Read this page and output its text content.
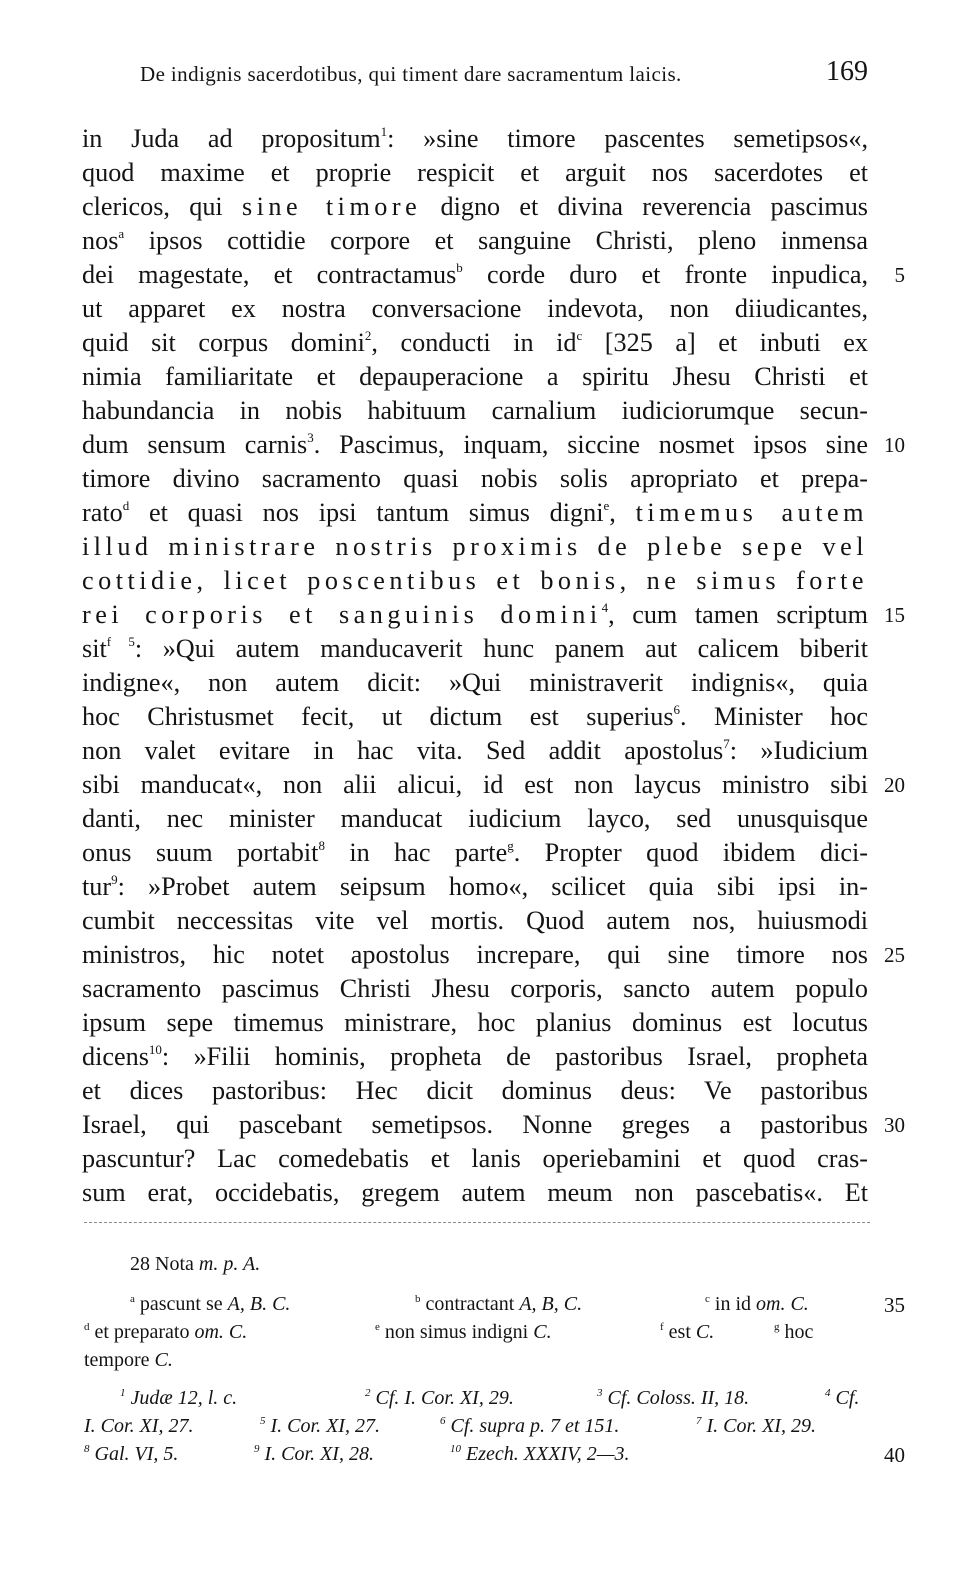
De indignis sacerdotibus, qui timent dare sacramentum laicis.	169
in Juda ad propositum$^1$: »sine timore pascentes semetipsos«,
quod maxime et proprie respicit et arguit nos sacerdotes et
clericos, qui sine timore digno et divina reverencia pascimus
nos$^a$ ipsos cottidie corpore et sanguine Christi, pleno inmensa
dei magestate, et contractamus$^b$ corde duro et fronte inpudica,
ut apparet ex nostra conversacione indevota, non diiudicantes,
quid sit corpus domini$^2$, conducti in $id^c$ [325 a] et inbuti ex
nimia familiaritate et depauperacione a spiritu Jhesu Christi et
habundancia in nobis habituum carnalium iudiciorumque secun-
dum sensum carnis$^3$. Pascimus, inquam, siccine nosmet ipsos sine
timore divino sacramento quasi nobis solis apropriato et prepa-
rato$^d$ et quasi nos ipsi tantum simus digni$^e$, timemus autem
illud ministrare nostris proximis de plebe sepe vel
cottidie, licet poscentibus et bonis, ne simus forte
rei corporis et sanguinis domini$^4$, cum tamen scriptum
sit$^{f 5}$: »Qui autem manducaverit hunc panem aut calicem biberit
indigne«, non autem dicit: »Qui ministraverit indignis«, quia
hoc Christusmet fecit, ut dictum est superius$^6$. Minister hoc
non valet evitare in hac vita. Sed addit apostolus$^7$: »Iudicium
sibi manducat«, non alii alicui, id est non laycus ministro sibi
danti, nec minister manducat iudicium layco, sed unusquisque
onus suum portabit$^8$ in hac parte$^g$. Propter quod ibidem dici-
tur$^9$: »Probet autem seipsum homo«, scilicet quia sibi ipsi in-
cumbit neccessitas vite vel mortis. Quod autem nos, huiusmodi
ministros, hic notet apostolus increpare, qui sine timore nos
sacramento pascimus Christi Jhesu corporis, sancto autem populo
ipsum sepe timemus ministrare, hoc planius dominus est locutus
dicens$^{10}$: »Filii hominis, propheta de pastoribus Israel, propheta
et dices pastoribus: Hec dicit dominus deus: Ve pastoribus
Israel, qui pascebant semetipsos. Nonne greges a pastoribus
pascuntur? Lac comedebatis et lanis operiebamini et quod cras-
sum erat, occidebatis, gregem autem meum non pascebatis«. Et
5
10
15
20
25
30
35
40
28 Nota m. p. A.
$^a$ pascunt se A, B. C.	$^b$ contractant A, B, C.	$^c$ in id om. C.
$^d$ et preparato om. C.	$^e$ non simus indigni C.	$^f$ est C.	$^g$ hoc
tempore C.
$^1$ Judæ 12, l. c.	$^2$ Cf. I. Cor. XI, 29.	$^3$ Cf. Coloss. II, 18.	$^4$ Cf.
I. Cor. XI, 27.	$^5$ I. Cor. XI, 27.	$^6$ Cf. supra p. 7 et 151.	$^7$ I. Cor. XI, 29.
$^8$ Gal. VI, 5.	$^9$ I. Cor. XI, 28.	$^{10}$ Ezech. XXXIV, 2—3.
